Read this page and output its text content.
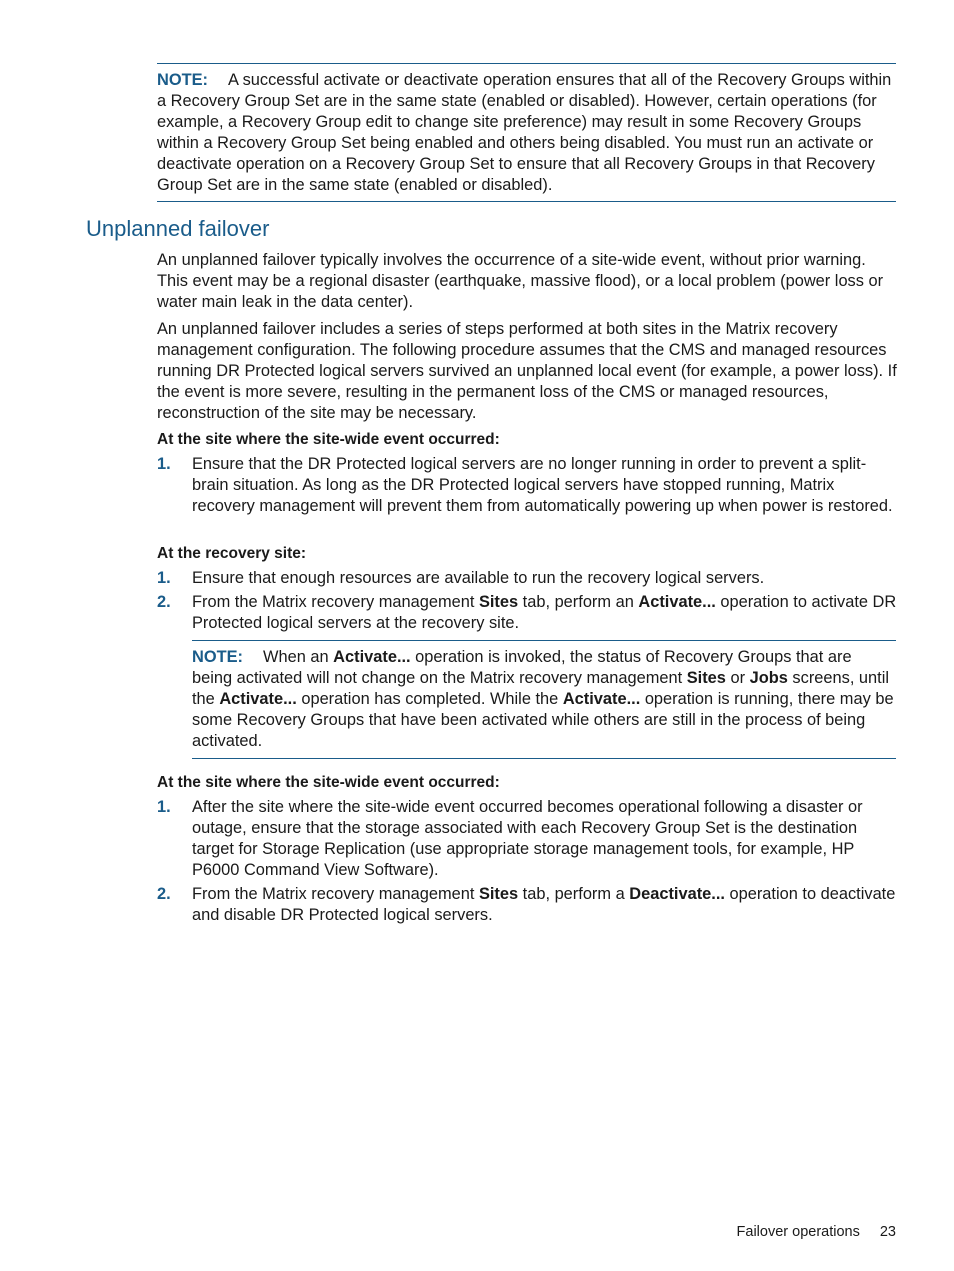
NOTE: A successful activate or deactivate operation ensures that all of the Recovery Groups within a Recovery Group Set are in the same state (enabled or disabled). However, certain operations (for example, a Recovery Group edit to change site preference) may result in some Recovery Groups within a Recovery Group Set being enabled and others being disabled. You must run an activate or deactivate operation on a Recovery Group Set to ensure that all Recovery Groups in that Recovery Group Set are in the same state (enabled or disabled).
Unplanned failover

An unplanned failover typically involves the occurrence of a site-wide event, without prior warning. This event may be a regional disaster (earthquake, massive flood), or a local problem (power loss or water main leak in the data center).

An unplanned failover includes a series of steps performed at both sites in the Matrix recovery management configuration. The following procedure assumes that the CMS and managed resources running DR Protected logical servers survived an unplanned local event (for example, a power loss). If the event is more severe, resulting in the permanent loss of the CMS or managed resources, reconstruction of the site may be necessary.

At the site where the site-wide event occurred:

1. Ensure that the DR Protected logical servers are no longer running in order to prevent a split-brain situation. As long as the DR Protected logical servers have stopped running, Matrix recovery management will prevent them from automatically powering up when power is restored.

At the recovery site:

1. Ensure that enough resources are available to run the recovery logical servers.
2. From the Matrix recovery management Sites tab, perform an Activate... operation to activate DR Protected logical servers at the recovery site.
NOTE: When an Activate... operation is invoked, the status of Recovery Groups that are being activated will not change on the Matrix recovery management Sites or Jobs screens, until the Activate... operation has completed. While the Activate... operation is running, there may be some Recovery Groups that have been activated while others are still in the process of being activated.

At the site where the site-wide event occurred:

1. After the site where the site-wide event occurred becomes operational following a disaster or outage, ensure that the storage associated with each Recovery Group Set is the destination target for Storage Replication (use appropriate storage management tools, for example, HP P6000 Command View Software).
2. From the Matrix recovery management Sites tab, perform a Deactivate... operation to deactivate and disable DR Protected logical servers.
Failover operations 23
